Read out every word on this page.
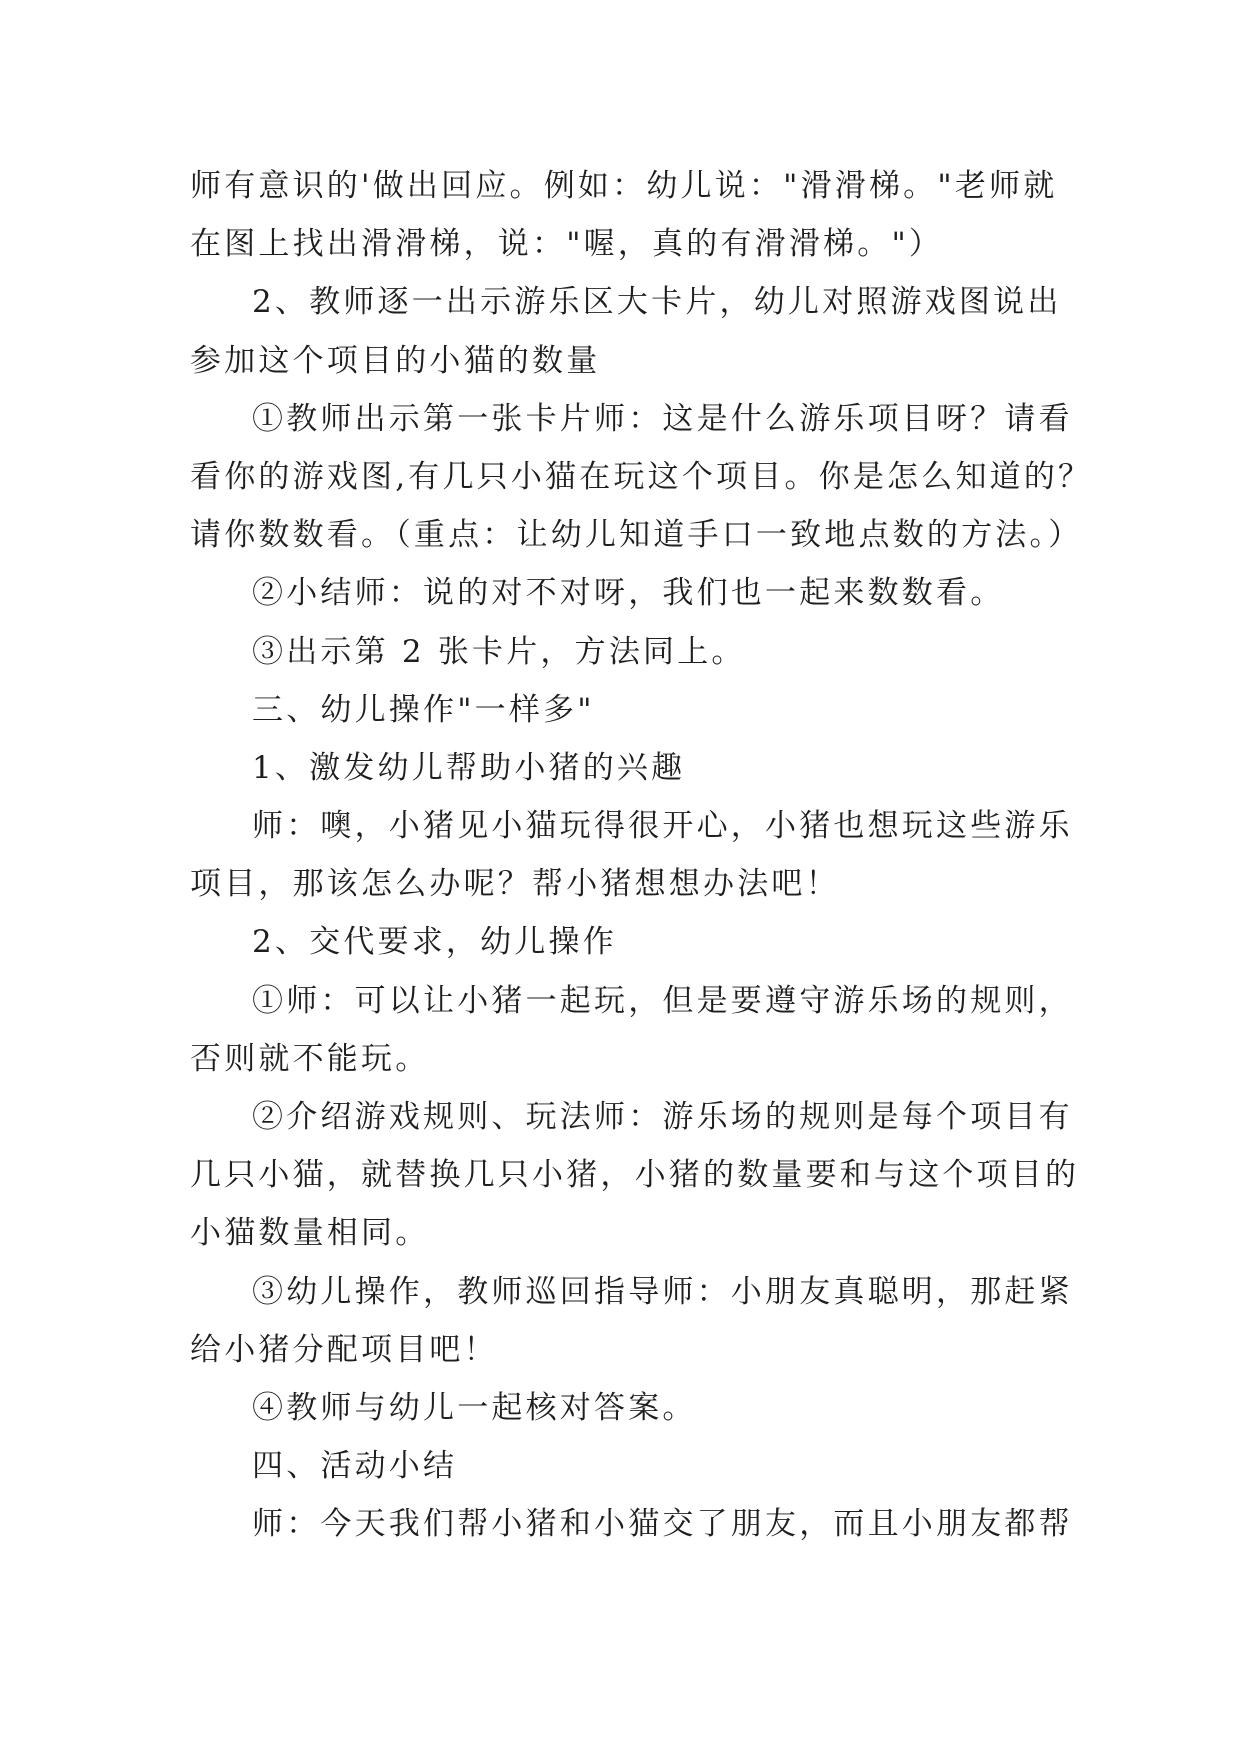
师有意识的'做出回应。例如：幼儿说："滑滑梯。"老师就
在图上找出滑滑梯，说："喔，真的有滑滑梯。"）
2、教师逐一出示游乐区大卡片，幼儿对照游戏图说出
参加这个项目的小猫的数量
①教师出示第一张卡片师：这是什么游乐项目呀？请看
看你的游戏图,有几只小猫在玩这个项目。你是怎么知道的？
请你数数看。（重点：让幼儿知道手口一致地点数的方法。）
②小结师：说的对不对呀，我们也一起来数数看。
③出示第 2 张卡片，方法同上。
三、幼儿操作"一样多"
1、激发幼儿帮助小猪的兴趣
师：噢，小猪见小猫玩得很开心，小猪也想玩这些游乐
项目，那该怎么办呢？帮小猪想想办法吧！
2、交代要求，幼儿操作
①师：可以让小猪一起玩，但是要遵守游乐场的规则，
否则就不能玩。
②介绍游戏规则、玩法师：游乐场的规则是每个项目有
几只小猫，就替换几只小猪，小猪的数量要和与这个项目的
小猫数量相同。
③幼儿操作，教师巡回指导师：小朋友真聪明，那赶紧
给小猪分配项目吧！
④教师与幼儿一起核对答案。
四、活动小结
师：今天我们帮小猪和小猫交了朋友，而且小朋友都帮
